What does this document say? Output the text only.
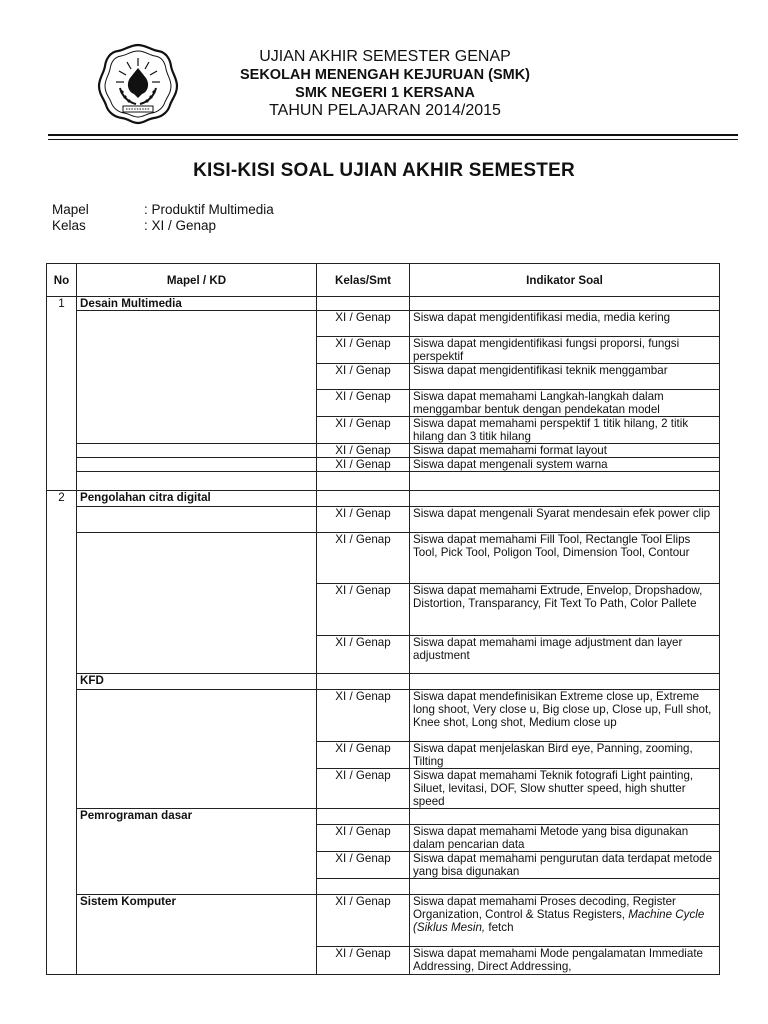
UJIAN AKHIR SEMESTER GENAP
SEKOLAH MENENGAH KEJURUAN (SMK)
SMK NEGERI 1 KERSANA
TAHUN PELAJARAN 2014/2015
KISI-KISI SOAL UJIAN AKHIR SEMESTER
Mapel	: Produktif Multimedia
Kelas	: XI / Genap
No	Mapel / KD	Kelas/Smt	Indikator Soal
1	Desain Multimedia		
		XI / Genap	Siswa dapat mengidentifikasi media, media kering
		XI / Genap	Siswa dapat mengidentifikasi fungsi proporsi, fungsi perspektif
		XI / Genap	Siswa dapat mengidentifikasi teknik menggambar
		XI / Genap	Siswa dapat memahami Langkah-langkah dalam menggambar bentuk dengan pendekatan model
		XI / Genap	Siswa dapat memahami perspektif 1 titik hilang, 2 titik hilang dan 3 titik hilang
		XI / Genap	Siswa dapat memahami format layout
		XI / Genap	Siswa dapat mengenali system warna

2	Pengolahan citra digital		
		XI / Genap	Siswa dapat mengenali Syarat mendesain efek power clip
		XI / Genap	Siswa dapat memahami Fill Tool, Rectangle Tool Elips Tool, Pick Tool, Poligon Tool, Dimension Tool, Contour
		XI / Genap	Siswa dapat memahami Extrude, Envelop, Dropshadow, Distortion, Transparancy, Fit Text To Path, Color Pallete
		XI / Genap	Siswa dapat memahami image adjustment dan layer adjustment
	KFD		
		XI / Genap	Siswa dapat mendefinisikan Extreme close up, Extreme long shoot, Very close u, Big close up, Close up, Full shot, Knee shot, Long shot, Medium close up
		XI / Genap	Siswa dapat menjelaskan Bird eye, Panning, zooming, Tilting
		XI / Genap	Siswa dapat memahami Teknik fotografi Light painting, Siluet, levitasi, DOF, Slow shutter speed, high shutter speed
	Pemrograman dasar		
		XI / Genap	Siswa dapat memahami Metode yang bisa digunakan dalam pencarian data
		XI / Genap	Siswa dapat memahami pengurutan data terdapat metode yang bisa digunakan

	Sistem Komputer	XI / Genap	Siswa dapat memahami Proses decoding, Register Organization, Control & Status Registers, Machine Cycle (Siklus Mesin, fetch
		XI / Genap	Siswa dapat memahami Mode pengalamatan Immediate Addressing, Direct Addressing,
